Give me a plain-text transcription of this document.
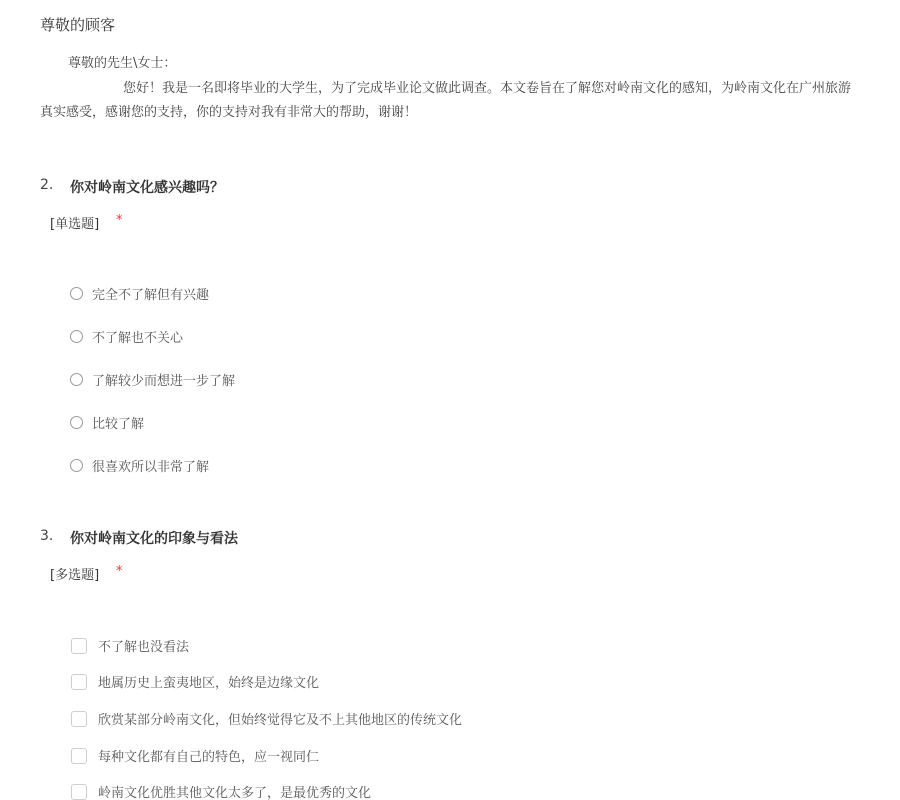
尊敬的顾客
尊敬的先生\女士：
您好！我是一名即将毕业的大学生，为了完成毕业论文做此调查。本文卷旨在了解您对岭南文化的感知，为岭南文化在广州旅游
真实感受，感谢您的支持，你的支持对我有非常大的帮助，谢谢！
2. 你对岭南文化感兴趣吗？
[单选题] *
完全不了解但有兴趣
不了解也不关心
了解较少而想进一步了解
比较了解
很喜欢所以非常了解
3. 你对岭南文化的印象与看法
[多选题] *
不了解也没看法
地属历史上蛮夷地区，始终是边缘文化
欣赏某部分岭南文化，但始终觉得它及不上其他地区的传统文化
每种文化都有自己的特色，应一视同仁
岭南文化优胜其他文化太多了，是最优秀的文化
